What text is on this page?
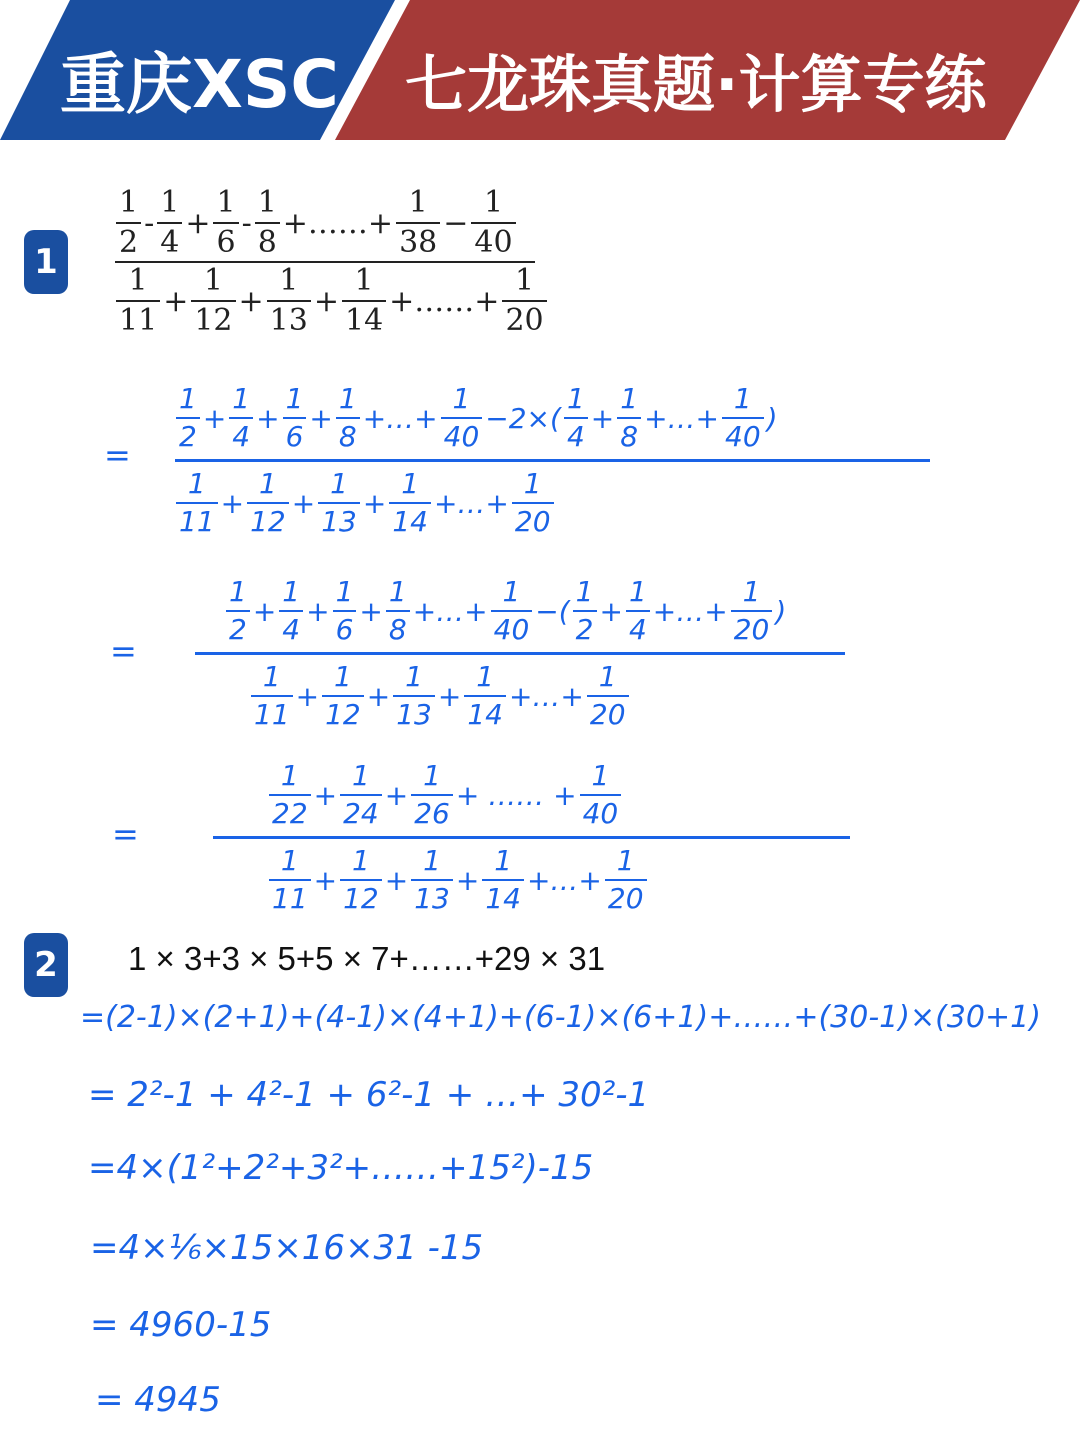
重庆XSC 七龙珠真题·计算专练
1
$\frac{1}{2} - \frac{1}{4} + \frac{1}{6} - \frac{1}{8}$ +……+ $\frac{1}{38} - \frac{1}{40}$
$\frac{1}{11} + \frac{1}{12} + \frac{1}{13} + \frac{1}{14}$ +……+ $\frac{1}{20}$
=
$\frac{1}{2} + \frac{1}{4} + \frac{1}{6} + \frac{1}{8}$ +…+ $\frac{1}{40} -2\times( \frac{1}{4} + \frac{1}{8}$ +…+ $\frac{1}{40}$ )
$\frac{1}{11} + \frac{1}{12} + \frac{1}{13} + \frac{1}{14}$ +…+ $\frac{1}{20}$
=
$\frac{1}{2} + \frac{1}{4} + \frac{1}{6} + \frac{1}{8}$ +…+ $\frac{1}{40}$ −( $\frac{1}{2} + \frac{1}{4}$ +…+ $\frac{1}{20}$ )
$\frac{1}{11} + \frac{1}{12} + \frac{1}{13} + \frac{1}{14}$ +…+ $\frac{1}{20}$
=
$\frac{1}{22} + \frac{1}{24} + \frac{1}{26}$ + …… + $\frac{1}{40}$
$\frac{1}{11} + \frac{1}{12} + \frac{1}{13} + \frac{1}{14}$ +…+ $\frac{1}{20}$
2	1 × 3+3 × 5+5 × 7+……+29 × 31
=(2-1)×(2+1)+(4-1)×(4+1)+(6-1)×(6+1)+……+(30-1)×(30+1)
= 2²-1 + 4²-1 + 6²-1 + …+ 30²-1
=4×(1²+2²+3²+……+15²)-15
=4×⅙×15×16×31 -15
= 4960-15
= 4945
